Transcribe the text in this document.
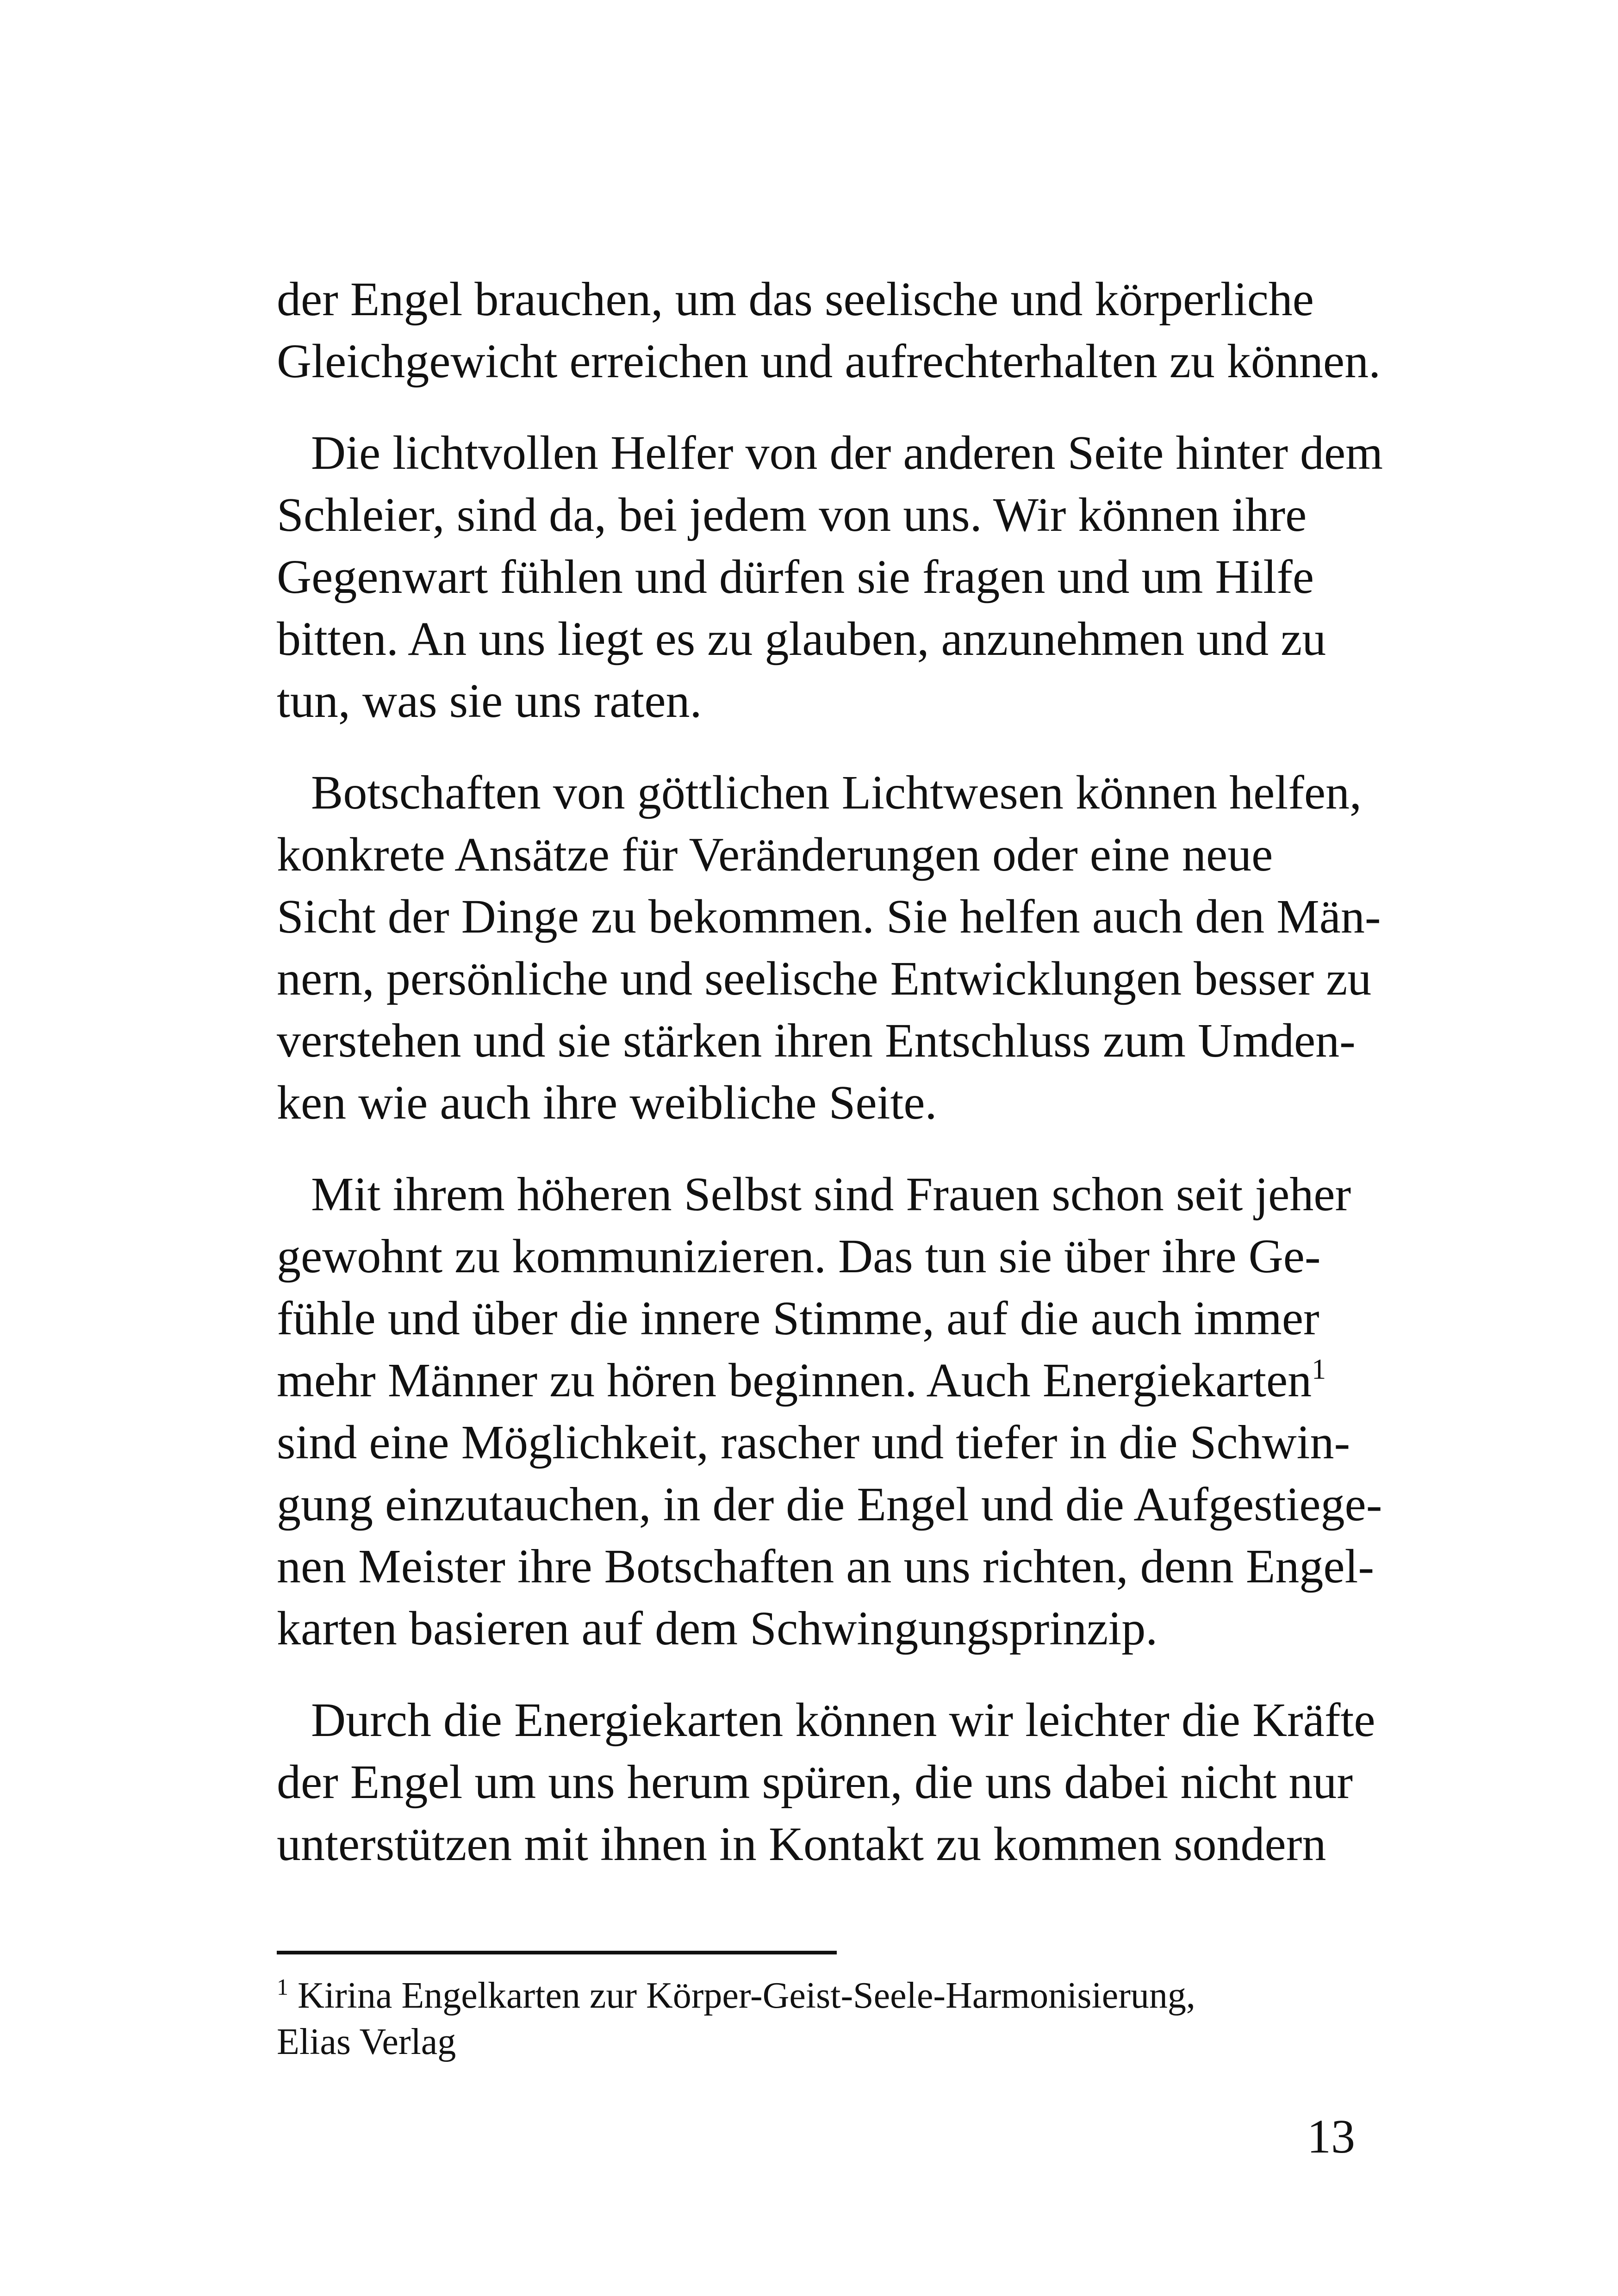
der Engel brauchen, um das seelische und körperliche
Gleichgewicht erreichen und aufrechterhalten zu können.

Die lichtvollen Helfer von der anderen Seite hinter dem
Schleier, sind da, bei jedem von uns. Wir können ihre
Gegenwart fühlen und dürfen sie fragen und um Hilfe
bitten. An uns liegt es zu glauben, anzunehmen und zu
tun, was sie uns raten.

Botschaften von göttlichen Lichtwesen können helfen,
konkrete Ansätze für Veränderungen oder eine neue
Sicht der Dinge zu bekommen. Sie helfen auch den Män-
nern, persönliche und seelische Entwicklungen besser zu
verstehen und sie stärken ihren Entschluss zum Umden-
ken wie auch ihre weibliche Seite.

Mit ihrem höheren Selbst sind Frauen schon seit jeher
gewohnt zu kommunizieren. Das tun sie über ihre Ge-
fühle und über die innere Stimme, auf die auch immer
mehr Männer zu hören beginnen. Auch Energiekarten$^1$
sind eine Möglichkeit, rascher und tiefer in die Schwin-
gung einzutauchen, in der die Engel und die Aufgestiege-
nen Meister ihre Botschaften an uns richten, denn Engel-
karten basieren auf dem Schwingungsprinzip.

Durch die Energiekarten können wir leichter die Kräfte
der Engel um uns herum spüren, die uns dabei nicht nur
unterstützen mit ihnen in Kontakt zu kommen sondern

$^1$ Kirina Engelkarten zur Körper-Geist-Seele-Harmonisierung,
Elias Verlag
13
